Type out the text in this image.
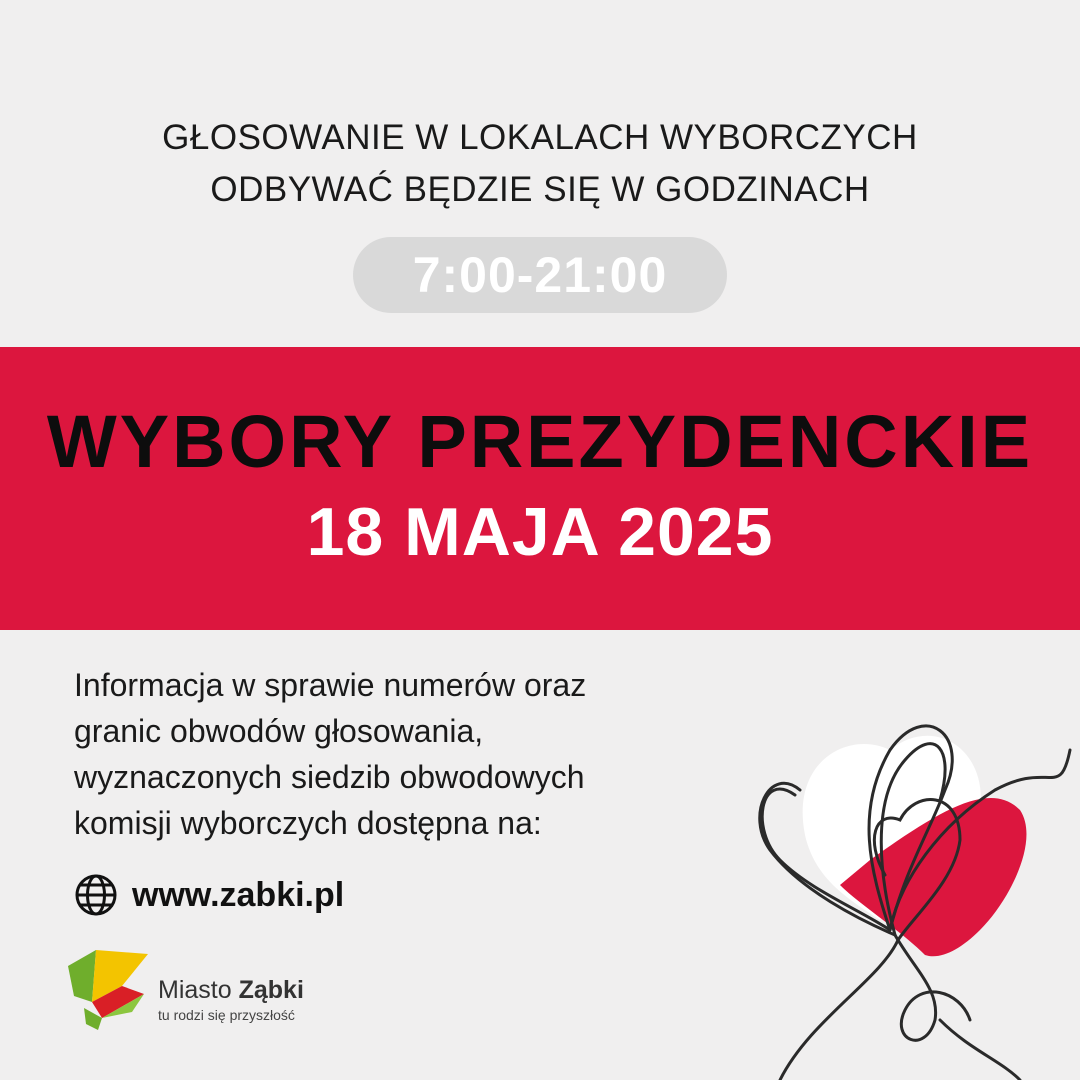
GŁOSOWANIE W LOKALACH WYBORCZYCH
ODBYWAĆ BĘDZIE SIĘ W GODZINACH
7:00-21:00
WYBORY PREZYDENCKIE
18 MAJA 2025
Informacja w sprawie numerów oraz
granic obwodów głosowania,
wyznaczonych siedzib obwodowych
komisji wyborczych dostępna na:
www.zabki.pl
Miasto Ząbki
tu rodzi się przyszłość
